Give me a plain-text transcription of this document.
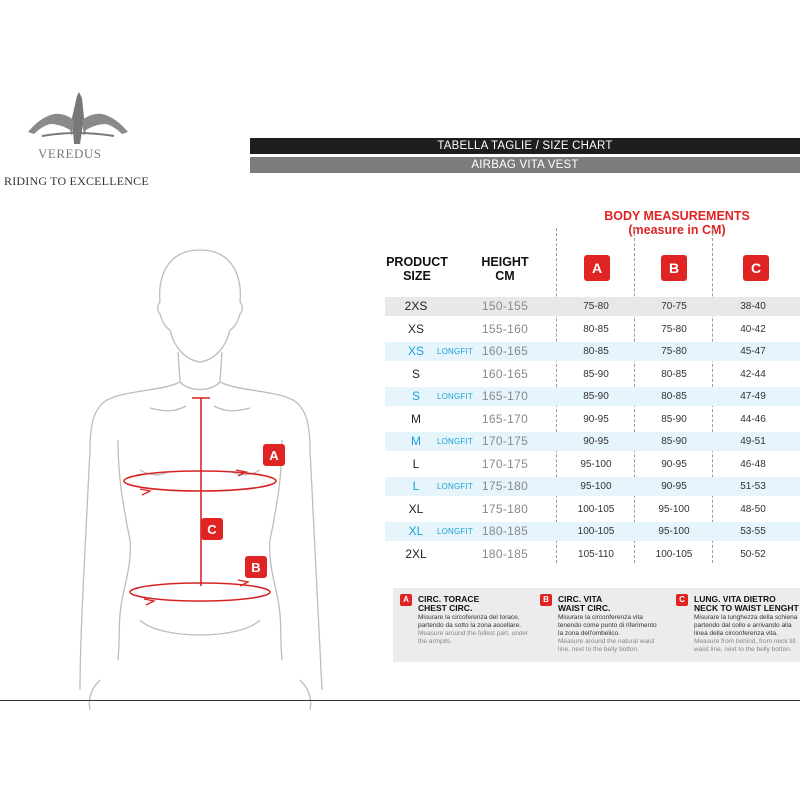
VEREDUS
RIDING TO EXCELLENCE
TABELLA TAGLIE / SIZE CHART
AIRBAG VITA VEST
A
C
B
BODY MEASUREMENTS
(measure in CM)
PRODUCT
SIZE
HEIGHT
CM	A	B	C
2XS	150-155	75-80	70-75	38-40
XS	155-160	80-85	75-80	40-42
XS	LONGFIT 160-165	80-85	75-80	45-47
S	160-165	85-90	80-85	42-44
S	LONGFIT 165-170	85-90	80-85	47-49
M	165-170	90-95	85-90	44-46
M	LONGFIT 170-175	90-95	85-90	49-51
L	170-175	95-100	90-95	46-48
L	LONGFIT 175-180	95-100	90-95	51-53
XL	175-180	100-105	95-100	48-50
XL	LONGFIT 180-185	100-105	95-100	53-55
2XL	180-185	105-110	100-105	50-52
A	CIRC. TORACE
CHEST CIRC.
Misurare la circoferenza del torace,
partendo da sotto la zona ascellare.
Measure around the fullest part, under
the armpits.
B	CIRC. VITA
WAIST CIRC.
Misurare la circonferenza vita
tenendo come punto di riferimento
la zona dell'ombelico.
Measure around the natural waist
line, next to the belly botton.
C	LUNG. VITA DIETRO
NECK TO WAIST LENGHT
Misurare la lunghezza della schiena
partendo dal collo e arrivando alla
linea della circonferenza vita.
Measure from behind, from neck till
waist line, next to the belly botton.
